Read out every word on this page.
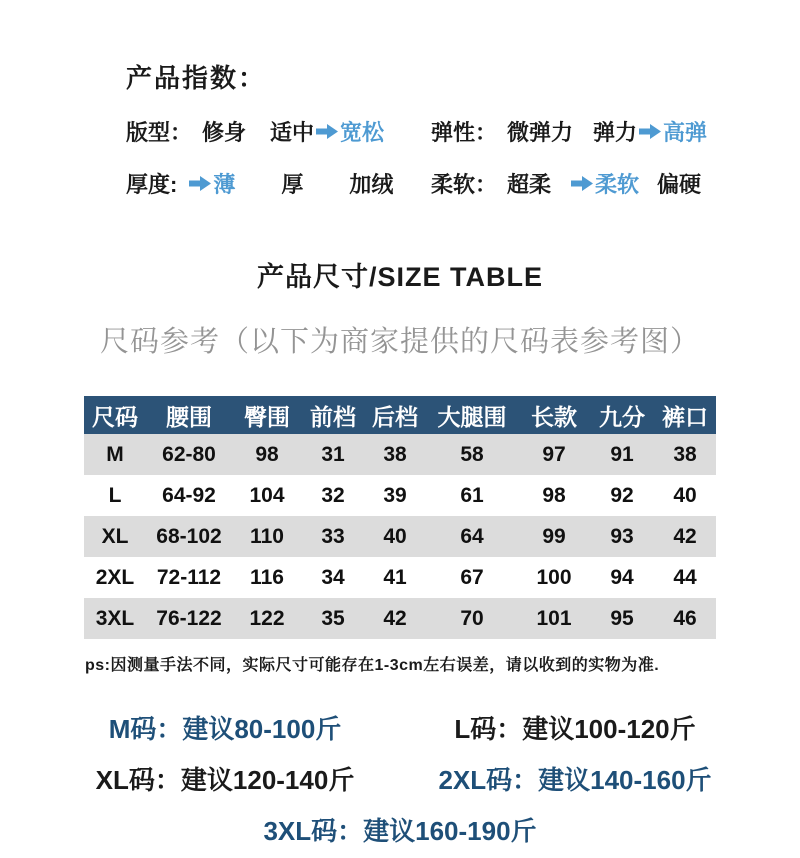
产品指数：
版型： 修身 适中 宽松 弹性： 微弹力 弹力 高弹
厚度: 薄 厚 加绒 柔软： 超柔 柔软 偏硬
产品尺寸/SIZE TABLE
尺码参考（以下为商家提供的尺码表参考图）
尺码	腰围	臀围	前档	后档	大腿围	长款	九分	裤口
M	62-80	98	31	38	58	97	91	38
L	64-92	104	32	39	61	98	92	40
XL	68-102	110	33	40	64	99	93	42
2XL	72-112	116	34	41	67	100	94	44
3XL	76-122	122	35	42	70	101	95	46
ps:因测量手法不同，实际尺寸可能存在1-3cm左右误差，请以收到的实物为准.
M码：建议80-100斤	L码：建议100-120斤
XL码：建议120-140斤	2XL码：建议140-160斤
3XL码：建议160-190斤
